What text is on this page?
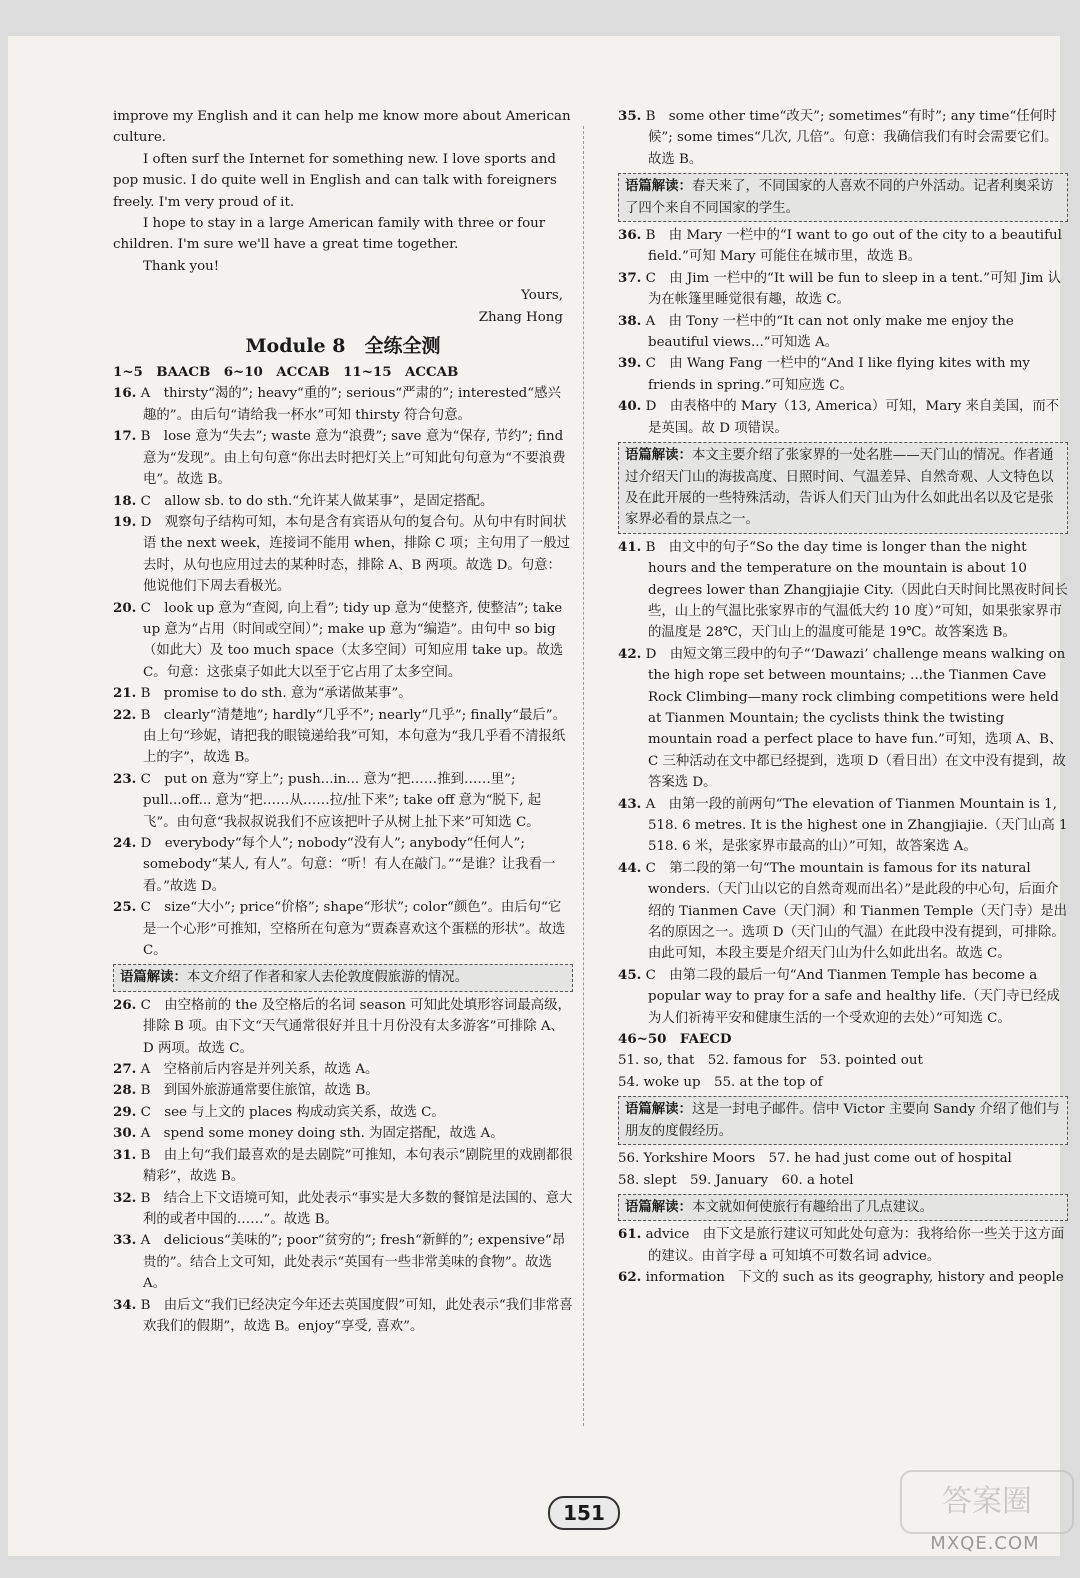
improve my English and it can help me know more about American culture.

I often surf the Internet for something new. I love sports and pop music. I do quite well in English and can talk with foreigners freely. I'm very proud of it.

I hope to stay in a large American family with three or four children. I'm sure we'll have a great time together.

Thank you!

Yours,

Zhang Hong

Module 8　全练全测

1~5　BAACB　6~10　ACCAB　11~15　ACCAB

16. A　thirsty“渴的”; heavy“重的”; serious“严肃的”; interested“感兴趣的”。由后句“请给我一杯水”可知 thirsty 符合句意。

17. B　lose 意为“失去”; waste 意为“浪费”; save 意为“保存, 节约”; find 意为“发现”。由上句句意“你出去时把灯关上”可知此句句意为“不要浪费电”。故选 B。

18. C　allow sb. to do sth.“允许某人做某事”，是固定搭配。

19. D　观察句子结构可知，本句是含有宾语从句的复合句。从句中有时间状语 the next week，连接词不能用 when，排除 C 项；主句用了一般过去时，从句也应用过去的某种时态，排除 A、B 两项。故选 D。句意：他说他们下周去看极光。

20. C　look up 意为“查阅, 向上看”; tidy up 意为“使整齐, 使整洁”; take up 意为“占用（时间或空间）”; make up 意为“编造”。由句中 so big（如此大）及 too much space（太多空间）可知应用 take up。故选 C。句意：这张桌子如此大以至于它占用了太多空间。

21. B　promise to do sth. 意为“承诺做某事”。

22. B　clearly“清楚地”; hardly“几乎不”; nearly“几乎”; finally“最后”。由上句“珍妮，请把我的眼镜递给我”可知，本句意为“我几乎看不清报纸上的字”，故选 B。

23. C　put on 意为“穿上”; push...in... 意为“把……推到……里”; pull...off... 意为“把……从……拉/扯下来”; take off 意为“脱下, 起飞”。由句意“我叔叔说我们不应该把叶子从树上扯下来”可知选 C。

24. D　everybody“每个人”; nobody“没有人”; anybody“任何人”; somebody“某人, 有人”。句意：“听！有人在敲门。”“是谁？让我看一看。”故选 D。

25. C　size“大小”; price“价格”; shape“形状”; color“颜色”。由后句“它是一个心形”可推知，空格所在句意为“贾森喜欢这个蛋糕的形状”。故选 C。

语篇解读：本文介绍了作者和家人去伦敦度假旅游的情况。

26. C　由空格前的 the 及空格后的名词 season 可知此处填形容词最高级，排除 B 项。由下文“天气通常很好并且十月份没有太多游客”可排除 A、D 两项。故选 C。

27. A　空格前后内容是并列关系，故选 A。

28. B　到国外旅游通常要住旅馆，故选 B。

29. C　see 与上文的 places 构成动宾关系，故选 C。

30. A　spend some money doing sth. 为固定搭配，故选 A。

31. B　由上句“我们最喜欢的是去剧院”可推知，本句表示“剧院里的戏剧都很精彩”，故选 B。

32. B　结合上下文语境可知，此处表示“事实是大多数的餐馆是法国的、意大利的或者中国的……”。故选 B。

33. A　delicious“美味的”; poor“贫穷的”; fresh“新鲜的”; expensive“昂贵的”。结合上文可知，此处表示“英国有一些非常美味的食物”。故选 A。

34. B　由后文“我们已经决定今年还去英国度假”可知，此处表示“我们非常喜欢我们的假期”，故选 B。enjoy“享受, 喜欢”。

35. B　some other time“改天”; sometimes“有时”; any time“任何时候”; some times“几次, 几倍”。句意：我确信我们有时会需要它们。故选 B。

语篇解读：春天来了，不同国家的人喜欢不同的户外活动。记者利奥采访了四个来自不同国家的学生。

36. B　由 Mary 一栏中的“I want to go out of the city to a beautiful field.”可知 Mary 可能住在城市里，故选 B。

37. C　由 Jim 一栏中的“It will be fun to sleep in a tent.”可知 Jim 认为在帐篷里睡觉很有趣，故选 C。

38. A　由 Tony 一栏中的“It can not only make me enjoy the beautiful views...”可知选 A。

39. C　由 Wang Fang 一栏中的“And I like flying kites with my friends in spring.”可知应选 C。

40. D　由表格中的 Mary（13, America）可知，Mary 来自美国，而不是英国。故 D 项错误。

语篇解读：本文主要介绍了张家界的一处名胜——天门山的情况。作者通过介绍天门山的海拔高度、日照时间、气温差异、自然奇观、人文特色以及在此开展的一些特殊活动，告诉人们天门山为什么如此出名以及它是张家界必看的景点之一。

41. B　由文中的句子“So the day time is longer than the night hours and the temperature on the mountain is about 10 degrees lower than Zhangjiajie City.（因此白天时间比黑夜时间长些，山上的气温比张家界市的气温低大约 10 度）”可知，如果张家界市的温度是 28℃，天门山上的温度可能是 19℃。故答案选 B。

42. D　由短文第三段中的句子“‘Dawazi’ challenge means walking on the high rope set between mountains; ...the Tianmen Cave Rock Climbing—many rock climbing competitions were held at Tianmen Mountain; the cyclists think the twisting mountain road a perfect place to have fun.”可知，选项 A、B、C 三种活动在文中都已经提到，选项 D（看日出）在文中没有提到，故答案选 D。

43. A　由第一段的前两句“The elevation of Tianmen Mountain is 1, 518. 6 metres. It is the highest one in Zhangjiajie.（天门山高 1 518. 6 米，是张家界市最高的山）”可知，故答案选 A。

44. C　第二段的第一句“The mountain is famous for its natural wonders.（天门山以它的自然奇观而出名）”是此段的中心句，后面介绍的 Tianmen Cave（天门洞）和 Tianmen Temple（天门寺）是出名的原因之一。选项 D（天门山的气温）在此段中没有提到，可排除。由此可知，本段主要是介绍天门山为什么如此出名。故选 C。

45. C　由第二段的最后一句“And Tianmen Temple has become a popular way to pray for a safe and healthy life.（天门寺已经成为人们祈祷平安和健康生活的一个受欢迎的去处）”可知选 C。

46~50　FAECD

51. so, that　52. famous for　53. pointed out

54. woke up　55. at the top of

语篇解读：这是一封电子邮件。信中 Victor 主要向 Sandy 介绍了他们与朋友的度假经历。

56. Yorkshire Moors　57. he had just come out of hospital

58. slept　59. January　60. a hotel

语篇解读：本文就如何使旅行有趣给出了几点建议。

61. advice　由下文是旅行建议可知此处句意为：我将给你一些关于这方面的建议。由首字母 a 可知填不可数名词 advice。

62. information　下文的 such as its geography, history and people

151	答案圈
MXQE.COM
